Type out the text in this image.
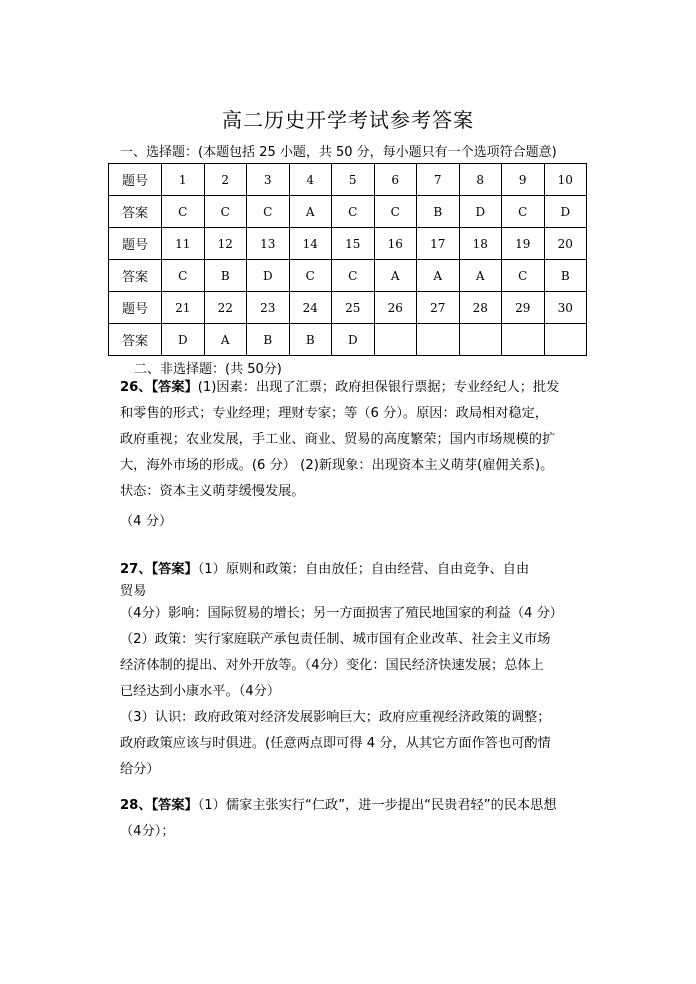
高二历史开学考试参考答案
一、选择题：(本题包括 25 小题，共 50 分，每小题只有一个选项符合题意)
题号	1	2	3	4	5	6	7	8	9	10
答案	C	C	C	A	C	C	B	D	C	D
题号	11	12	13	14	15	16	17	18	19	20
答案	C	B	D	C	C	A	A	A	C	B
题号	21	22	23	24	25	26	27	28	29	30
答案	D	A	B	B	D					
二、非选择题：(共 50分)

26、【答案】(1)因素：出现了汇票；政府担保银行票据；专业经纪人；批发

和零售的形式；专业经理；理财专家；等（6 分）。原因：政局相对稳定，

政府重视；农业发展，手工业、商业、贸易的高度繁荣；国内市场规模的扩

大，海外市场的形成。(6 分） (2)新现象：出现资本主义萌芽(雇佣关系)。

状态：资本主义萌芽缓慢发展。

（4 分）

27、【答案】（1）原则和政策：自由放任；自由经营、自由竞争、自由

贸易

（4分）影响：国际贸易的增长；另一方面损害了殖民地国家的利益（4 分）

（2）政策：实行家庭联产承包责任制、城市国有企业改革、社会主义市场

经济体制的提出、对外开放等。（4分）变化：国民经济快速发展；总体上

已经达到小康水平。（4分）

（3）认识：政府政策对经济发展影响巨大；政府应重视经济政策的调整；

政府政策应该与时俱进。(任意两点即可得 4 分，从其它方面作答也可酌情

给分）

28、【答案】（1）儒家主张实行“仁政”，进一步提出“民贵君轻”的民本思想

（4分）；
